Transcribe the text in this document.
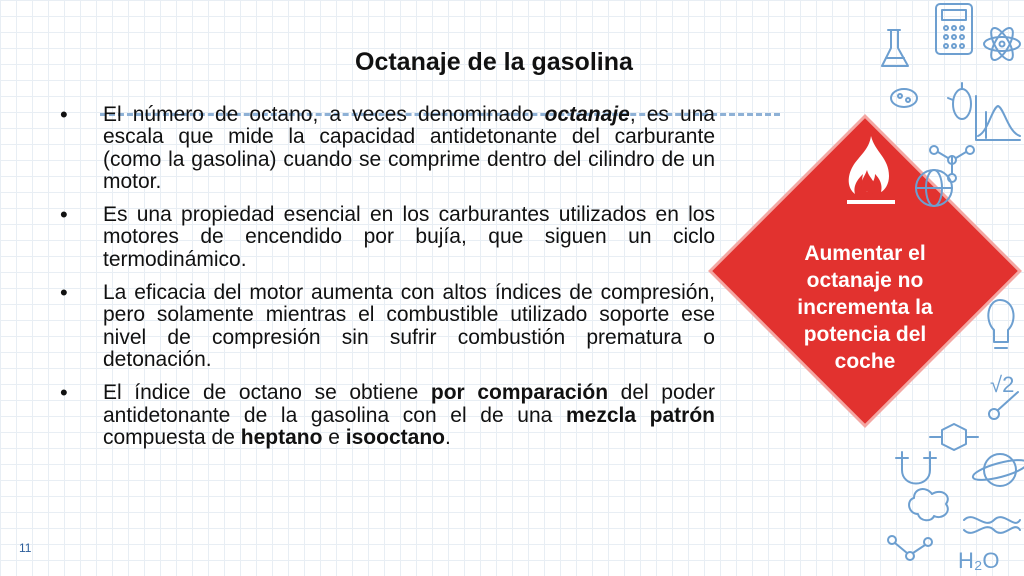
Octanaje de la gasolina
• El número de octano, a veces denominado octanaje, es una escala que mide la capacidad antidetonante del carburante (como la gasolina) cuando se comprime dentro del cilindro de un motor.
• Es una propiedad esencial en los carburantes utilizados en los motores de encendido por bujía, que siguen un ciclo termodinámico.
• La eficacia del motor aumenta con altos índices de compresión, pero solamente mientras el combustible utilizado soporte ese nivel de compresión sin sufrir combustión prematura o detonación.
• El índice de octano se obtiene por comparación del poder antidetonante de la gasolina con el de una mezcla patrón compuesta de heptano e isooctano.
Aumentar el
octanaje no
incrementa la
potencia del
coche
√2
H₂O
11
